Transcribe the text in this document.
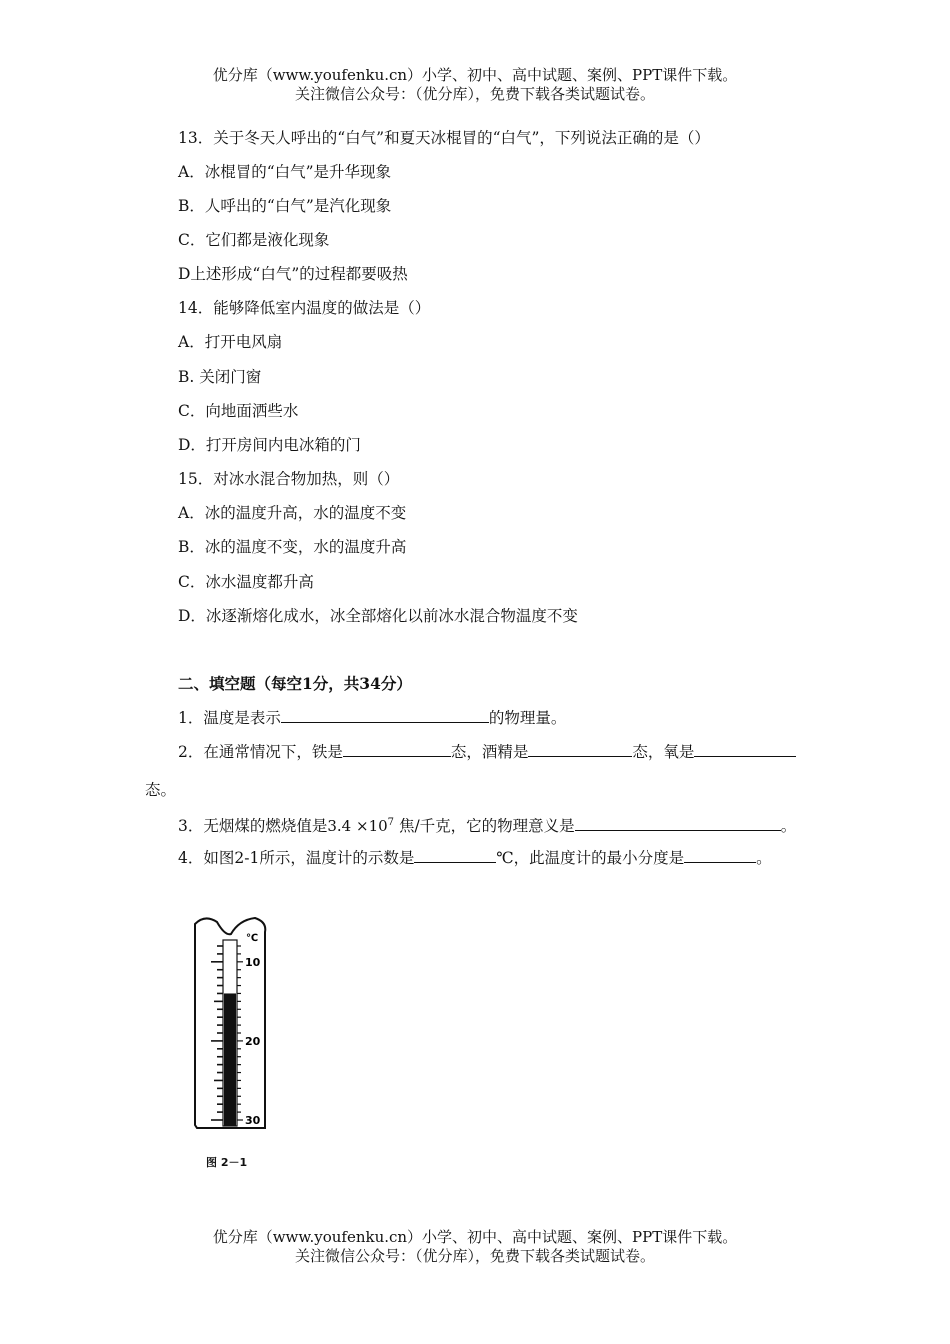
优分库（www.youfenku.cn）小学、初中、高中试题、案例、PPT课件下载。
关注微信公众号：（优分库），免费下载各类试题试卷。
13．关于冬天人呼出的“白气”和夏天冰棍冒的“白气”，下列说法正确的是（）
A．冰棍冒的“白气”是升华现象
B．人呼出的“白气”是汽化现象
C．它们都是液化现象
D上述形成“白气”的过程都要吸热
14．能够降低室内温度的做法是（）
A．打开电风扇
B. 关闭门窗
C．向地面洒些水
D．打开房间内电冰箱的门
15．对冰水混合物加热，则（）
A．冰的温度升高，水的温度不变
B．冰的温度不变，水的温度升高
C．冰水温度都升高
D．冰逐渐熔化成水，冰全部熔化以前冰水混合物温度不变
二、填空题（每空1分，共34分）
1．温度是表示	的物理量。
2．在通常情况下，铁是	态，酒精是	态，氧是
态。
3．无烟煤的燃烧值是$3.4 \times 10^7$ 焦/千克，它的物理意义是	。
4．如图2-1所示，温度计的示数是	℃，此温度计的最小分度是	。
℃
10
20
30
图 2－1
优分库（www.youfenku.cn）小学、初中、高中试题、案例、PPT课件下载。
关注微信公众号：（优分库），免费下载各类试题试卷。
